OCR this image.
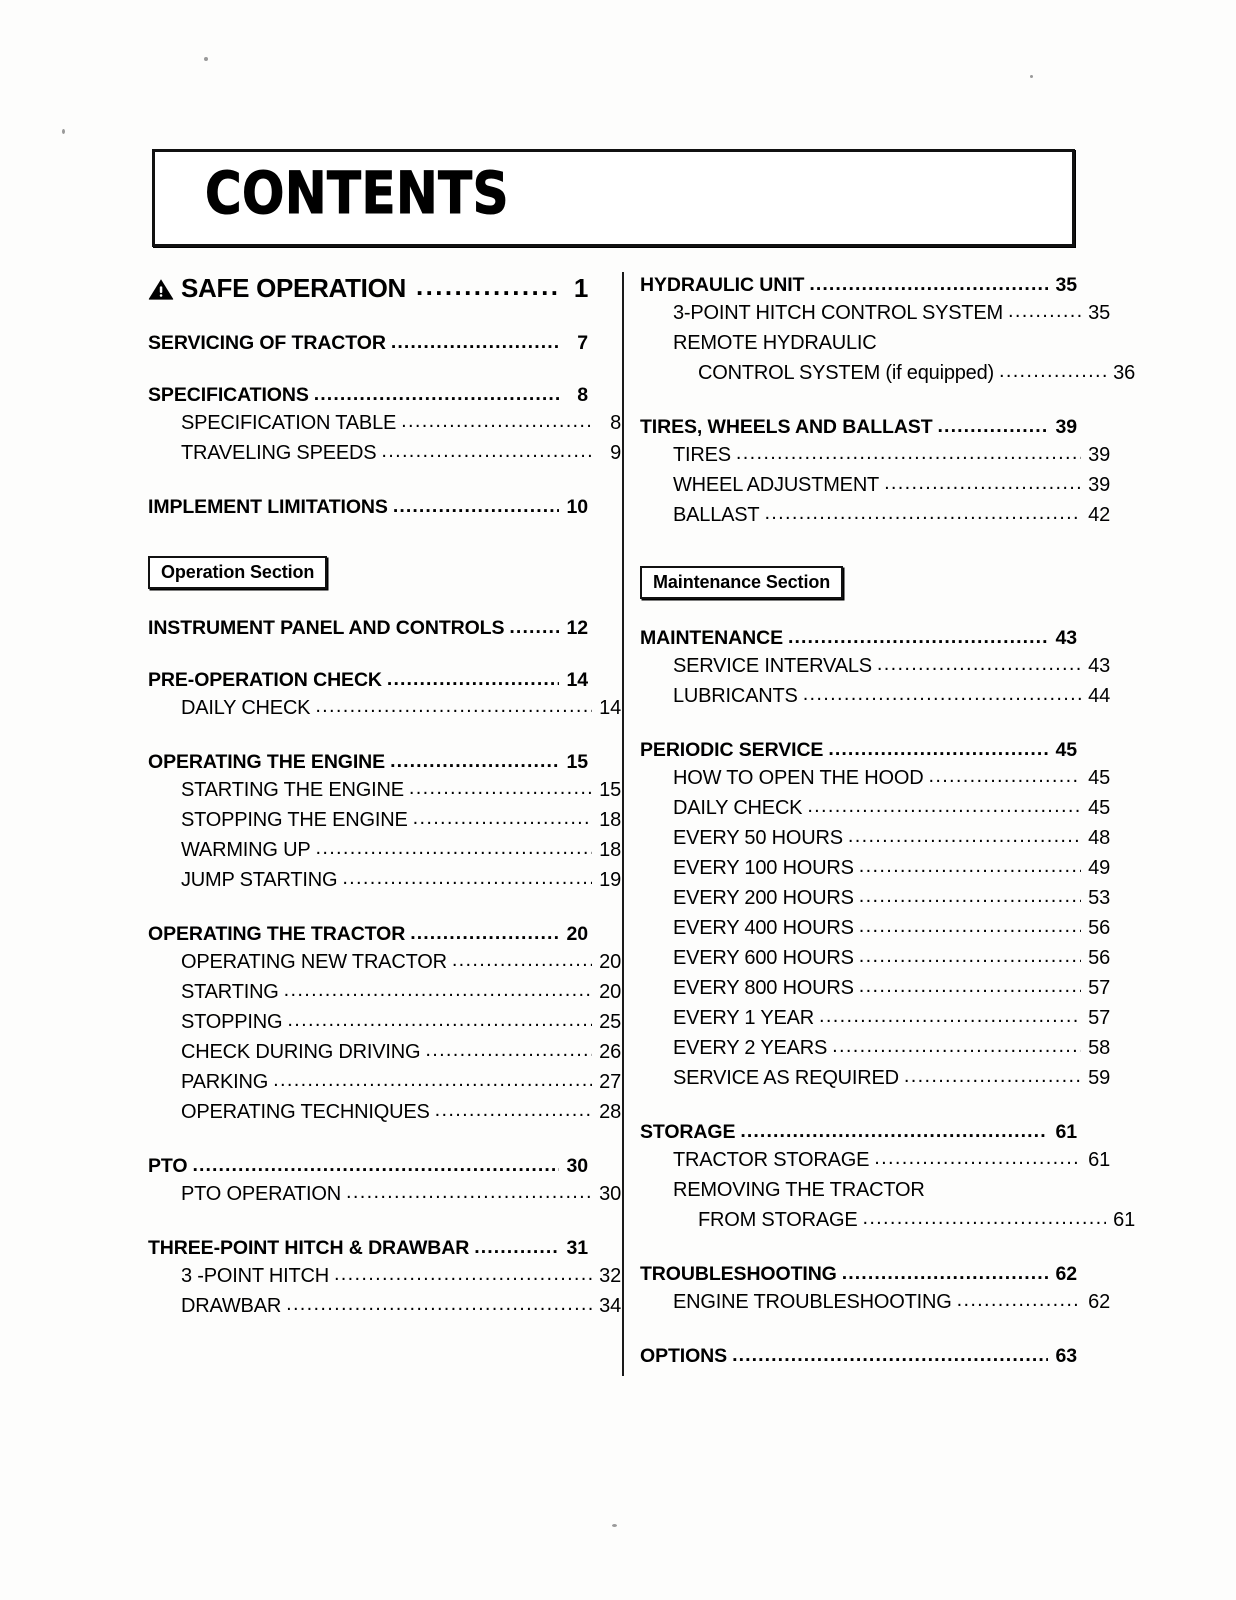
CONTENTS
SAFE OPERATION .....	1
SERVICING OF TRACTOR .....	7
SPECIFICATIONS .....	8
SPECIFICATION TABLE .....	8
TRAVELING SPEEDS .....	9
IMPLEMENT LIMITATIONS .....	10
Operation Section
INSTRUMENT PANEL AND CONTROLS .....	12
PRE-OPERATION CHECK .....	14
DAILY CHECK .....	14
OPERATING THE ENGINE .....	15
STARTING THE ENGINE .....	15
STOPPING THE ENGINE .....	18
WARMING UP .....	18
JUMP STARTING .....	19
OPERATING THE TRACTOR .....	20
OPERATING NEW TRACTOR .....	20
STARTING .....	20
STOPPING .....	25
CHECK DURING DRIVING .....	26
PARKING .....	27
OPERATING TECHNIQUES .....	28
PTO .....	30
PTO OPERATION .....	30
THREE-POINT HITCH & DRAWBAR .....	31
3 -POINT HITCH .....	32
DRAWBAR .....	34
HYDRAULIC UNIT .....	35
3-POINT HITCH CONTROL SYSTEM .....	35
REMOTE HYDRAULIC
CONTROL SYSTEM (if equipped) .....	36
TIRES, WHEELS AND BALLAST .....	39
TIRES .....	39
WHEEL ADJUSTMENT .....	39
BALLAST .....	42
Maintenance Section
MAINTENANCE .....	43
SERVICE INTERVALS .....	43
LUBRICANTS .....	44
PERIODIC SERVICE .....	45
HOW TO OPEN THE HOOD .....	45
DAILY CHECK .....	45
EVERY 50 HOURS .....	48
EVERY 100 HOURS .....	49
EVERY 200 HOURS .....	53
EVERY 400 HOURS .....	56
EVERY 600 HOURS .....	56
EVERY 800 HOURS .....	57
EVERY 1 YEAR .....	57
EVERY 2 YEARS .....	58
SERVICE AS REQUIRED .....	59
STORAGE .....	61
TRACTOR STORAGE .....	61
REMOVING THE TRACTOR
FROM STORAGE .....	61
TROUBLESHOOTING .....	62
ENGINE TROUBLESHOOTING .....	62
OPTIONS .....	63
